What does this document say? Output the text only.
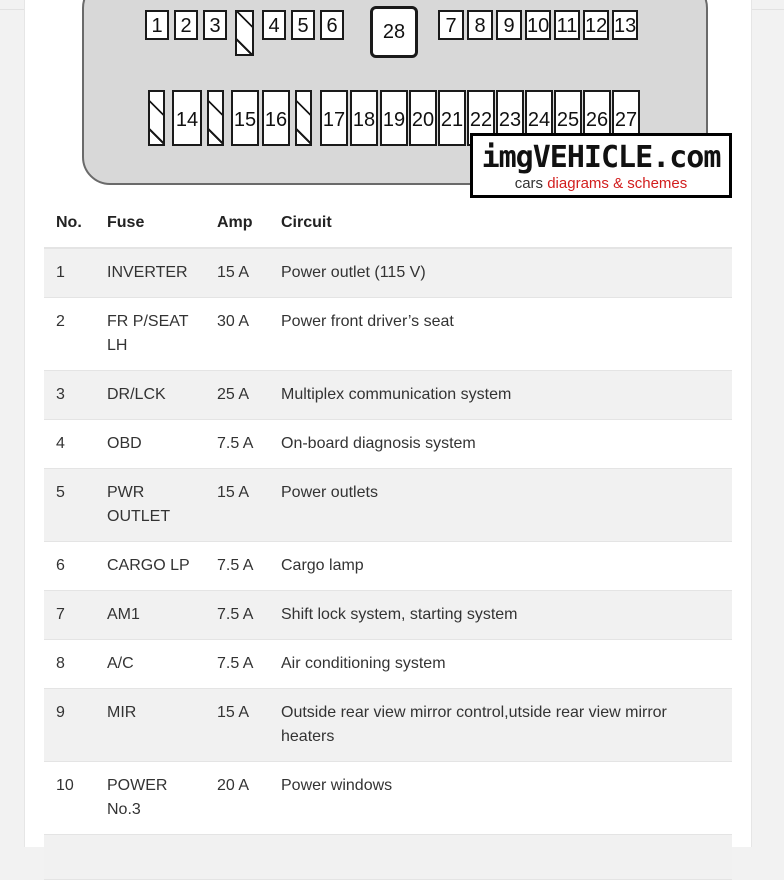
1 2 3	4 5 6	28	7 8 9 10 11 12 13
14 15 16 17 18 19 20 21 22 23 24 25 26 27
imgVEHICLE.com
cars diagrams & schemes
No.	Fuse	Amp	Circuit
1	INVERTER	15 A	Power outlet (115 V)
2	FR P/SEAT LH	30 A	Power front driver’s seat
3	DR/LCK	25 A	Multiplex communication system
4	OBD	7.5 A	On-board diagnosis system
5	PWR OUTLET	15 A	Power outlets
6	CARGO LP	7.5 A	Cargo lamp
7	AM1	7.5 A	Shift lock system, starting system
8	A/C	7.5 A	Air conditioning system
9	MIR	15 A	Outside rear view mirror control,utside rear view mirror heaters
10	POWER No.3	20 A	Power windows
